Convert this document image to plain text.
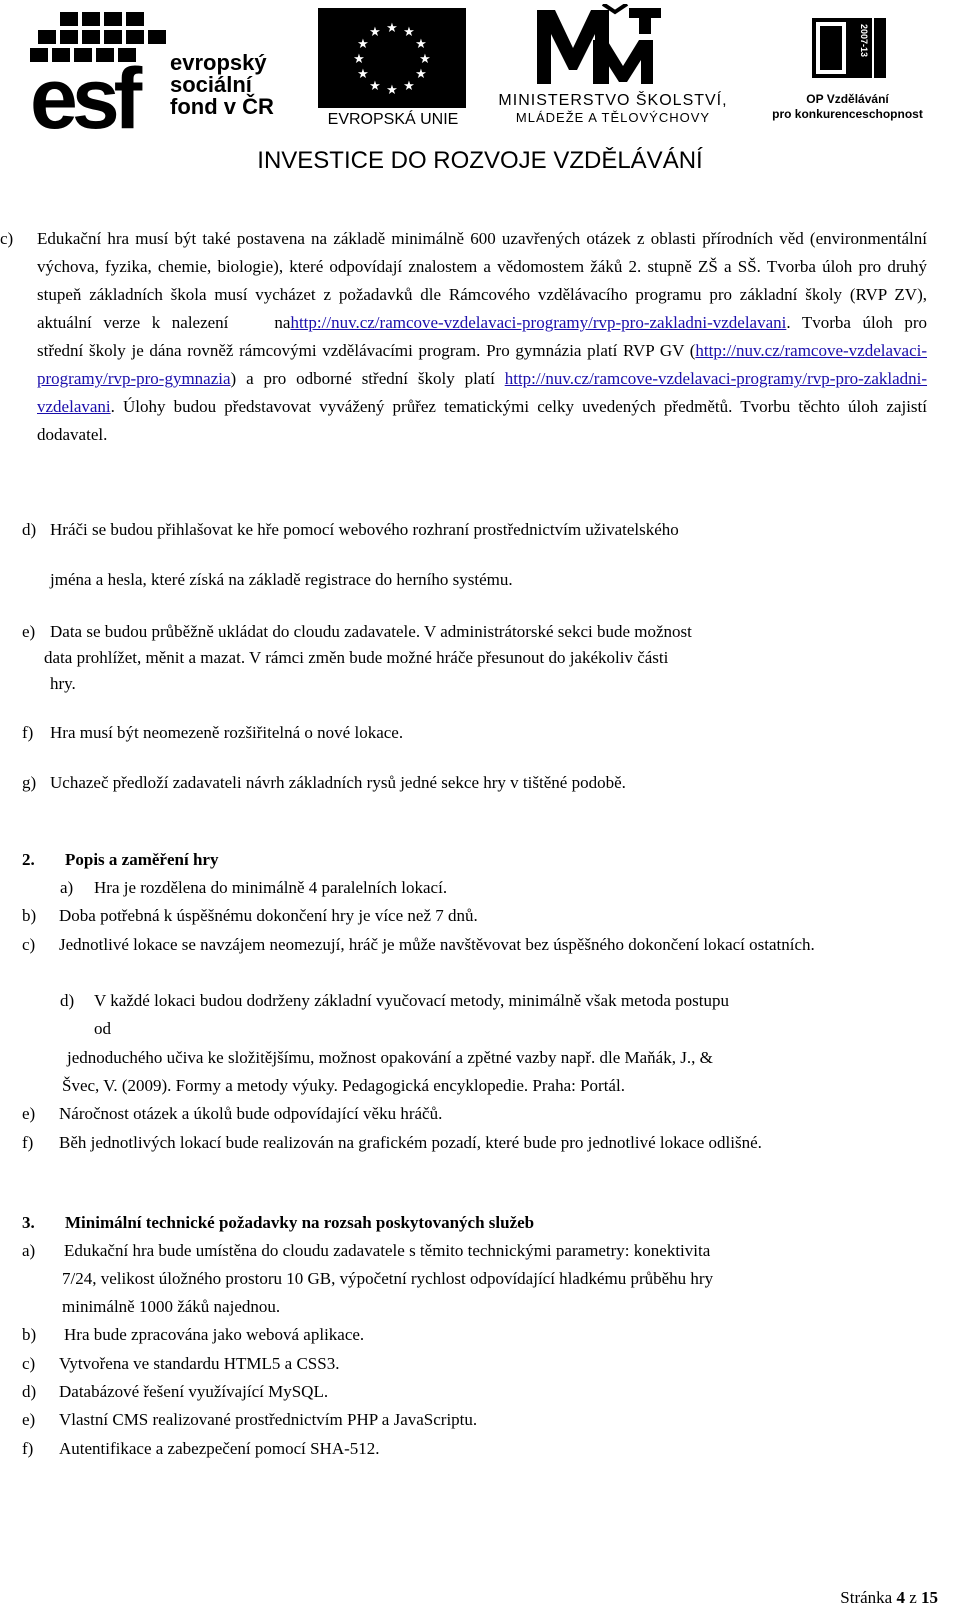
esf evropský
sociální
fond v ČR
★ ★
★
★
★
★
★
★
★
★
★
★
EVROPSKÁ UNIE
MINISTERSTVO ŠKOLSTVÍ,
MLÁDEŽE A TĚLOVÝCHOVY
2007-13
OP Vzdělávání
pro konkurenceschopnost
INVESTICE DO ROZVOJE VZDĚLÁVÁNÍ
c) Edukační hra musí být také postavena na základě minimálně 600 uzavřených otázek z oblasti přírodních věd (environmentální výchova, fyzika, chemie, biologie), které odpovídají znalostem a vědomostem žáků 2. stupně ZŠ a SŠ. Tvorba úloh pro druhý stupeň základních škola musí vycházet z požadavků dle Rámcového vzdělávacího programu pro základní školy (RVP ZV), aktuální verze k nalezení	nahttp://nuv.cz/ramcove-vzdelavaci-programy/rvp-pro-zakladni-vzdelavani. Tvorba úloh pro střední školy je dána rovněž rámcovými vzdělávacími program. Pro gymnázia platí RVP GV (http://nuv.cz/ramcove-vzdelavaci-programy/rvp-pro-gymnazia) a pro odborné střední školy platí http://nuv.cz/ramcove-vzdelavaci-programy/rvp-pro-zakladni-vzdelavani. Úlohy budou představovat vyvážený průřez tematickými celky uvedených předmětů. Tvorbu těchto úloh zajistí dodavatel.
d) Hráči se budou přihlašovat ke hře pomocí webového rozhraní prostřednictvím uživatelského
jména a hesla, které získá na základě registrace do herního systému.
e) Data se budou průběžně ukládat do cloudu zadavatele. V administrátorské sekci bude možnost
data prohlížet, měnit a mazat. V rámci změn bude možné hráče přesunout do jakékoliv části
hry.
f) Hra musí být neomezeně rozšiřitelná o nové lokace.
g) Uchazeč předloží zadavateli návrh základních rysů jedné sekce hry v tištěné podobě.
2. Popis a zaměření hry
a) Hra je rozdělena do minimálně 4 paralelních lokací.
b) Doba potřebná k úspěšnému dokončení hry je více než 7 dnů.
c) Jednotlivé lokace se navzájem neomezují, hráč je může navštěvovat bez úspěšného dokončení lokací ostatních.
d) V každé lokaci budou dodrženy základní vyučovací metody, minimálně však metoda postupu
od
jednoduchého učiva ke složitějšímu, možnost opakování a zpětné vazby např. dle Maňák, J., &
Švec, V. (2009). Formy a metody výuky. Pedagogická encyklopedie. Praha: Portál.
e) Náročnost otázek a úkolů bude odpovídající věku hráčů.
f) Běh jednotlivých lokací bude realizován na grafickém pozadí, které bude pro jednotlivé lokace odlišné.
3. Minimální technické požadavky na rozsah poskytovaných služeb
a) Edukační hra bude umístěna do cloudu zadavatele s těmito technickými parametry: konektivita
7/24, velikost úložného prostoru 10 GB, výpočetní rychlost odpovídající hladkému průběhu hry
minimálně 1000 žáků najednou.
b) Hra bude zpracována jako webová aplikace.
c) Vytvořena ve standardu HTML5 a CSS3.
d) Databázové řešení využívající MySQL.
e) Vlastní CMS realizované prostřednictvím PHP a JavaScriptu.
f) Autentifikace a zabezpečení pomocí SHA-512.
Stránka 4 z 15
